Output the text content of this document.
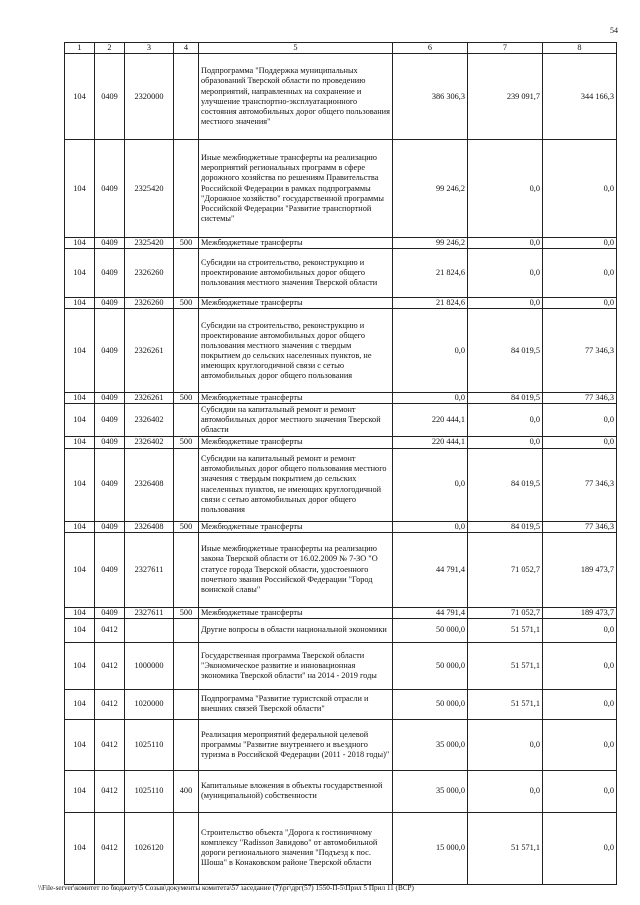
54
1	2	3	4	5	6	7	8
104	0409	2320000		Подпрограмма "Поддержка муниципальных образований Тверской области по проведению мероприятий, направленных на сохранение и улучшение транспортно-эксплуатационного состояния автомобильных дорог общего пользования местного значения"	386 306,3	239 091,7	344 166,3
104	0409	2325420		Иные межбюджетные трансферты на реализацию мероприятий региональных программ в сфере дорожного хозяйства по решениям Правительства Российской Федерации в рамках подпрограммы "Дорожное хозяйство" государственной программы Российской Федерации "Развитие транспортной системы"	99 246,2	0,0	0,0
104	0409	2325420	500	Межбюджетные трансферты	99 246,2	0,0	0,0
104	0409	2326260		Субсидии на строительство, реконструкцию и проектирование автомобильных дорог общего пользования местного значения Тверской области	21 824,6	0,0	0,0
104	0409	2326260	500	Межбюджетные трансферты	21 824,6	0,0	0,0
104	0409	2326261		Субсидии на строительство, реконструкцию и проектирование автомобильных дорог общего пользования местного значения с твердым покрытием до сельских населенных пунктов, не имеющих круглогодичной связи с сетью автомобильных дорог общего пользования	0,0	84 019,5	77 346,3
104	0409	2326261	500	Межбюджетные трансферты	0,0	84 019,5	77 346,3
104	0409	2326402		Субсидии на капитальный ремонт и ремонт автомобильных дорог местного значения Тверской области	220 444,1	0,0	0,0
104	0409	2326402	500	Межбюджетные трансферты	220 444,1	0,0	0,0
104	0409	2326408		Субсидии на капитальный ремонт и ремонт автомобильных дорог общего пользования местного значения с твердым покрытием до сельских населенных пунктов, не имеющих круглогодичной связи с сетью автомобильных дорог общего пользования	0,0	84 019,5	77 346,3
104	0409	2326408	500	Межбюджетные трансферты	0,0	84 019,5	77 346,3
104	0409	2327611		Иные межбюджетные трансферты на реализацию закона Тверской области от 16.02.2009 № 7-ЗО "О статусе города Тверской области, удостоенного почетного звания Российской Федерации "Город воинской славы"	44 791,4	71 052,7	189 473,7
104	0409	2327611	500	Межбюджетные трансферты	44 791,4	71 052,7	189 473,7
104	0412			Другие вопросы в области национальной экономики	50 000,0	51 571,1	0,0
104	0412	1000000		Государственная программа Тверской области "Экономическое развитие и инновационная экономика Тверской области" на 2014 - 2019 годы	50 000,0	51 571,1	0,0
104	0412	1020000		Подпрограмма "Развитие туристской отрасли и внешних связей Тверской области"	50 000,0	51 571,1	0,0
104	0412	1025110		Реализация мероприятий федеральной целевой программы "Развитие внутреннего и въездного туризма в Российской Федерации (2011 - 2018 годы)"	35 000,0	0,0	0,0
104	0412	1025110	400	Капитальные вложения в объекты государственной (муниципальной) собственности	35 000,0	0,0	0,0
104	0412	1026120		Строительство объекта "Дорога к гостиничному комплексу "Radisson Завидово" от автомобильной дороги регионального значения "Подъезд к пос. Шоша" в Конаковском районе Тверской области	15 000,0	51 571,1	0,0
\\File-server\комитет по бюджету\5 Созыв\документы комитета\57 заседание (7)\рг\дрг(57) 1550-П-5\Прил 5 Прил 11 (ВСР)
